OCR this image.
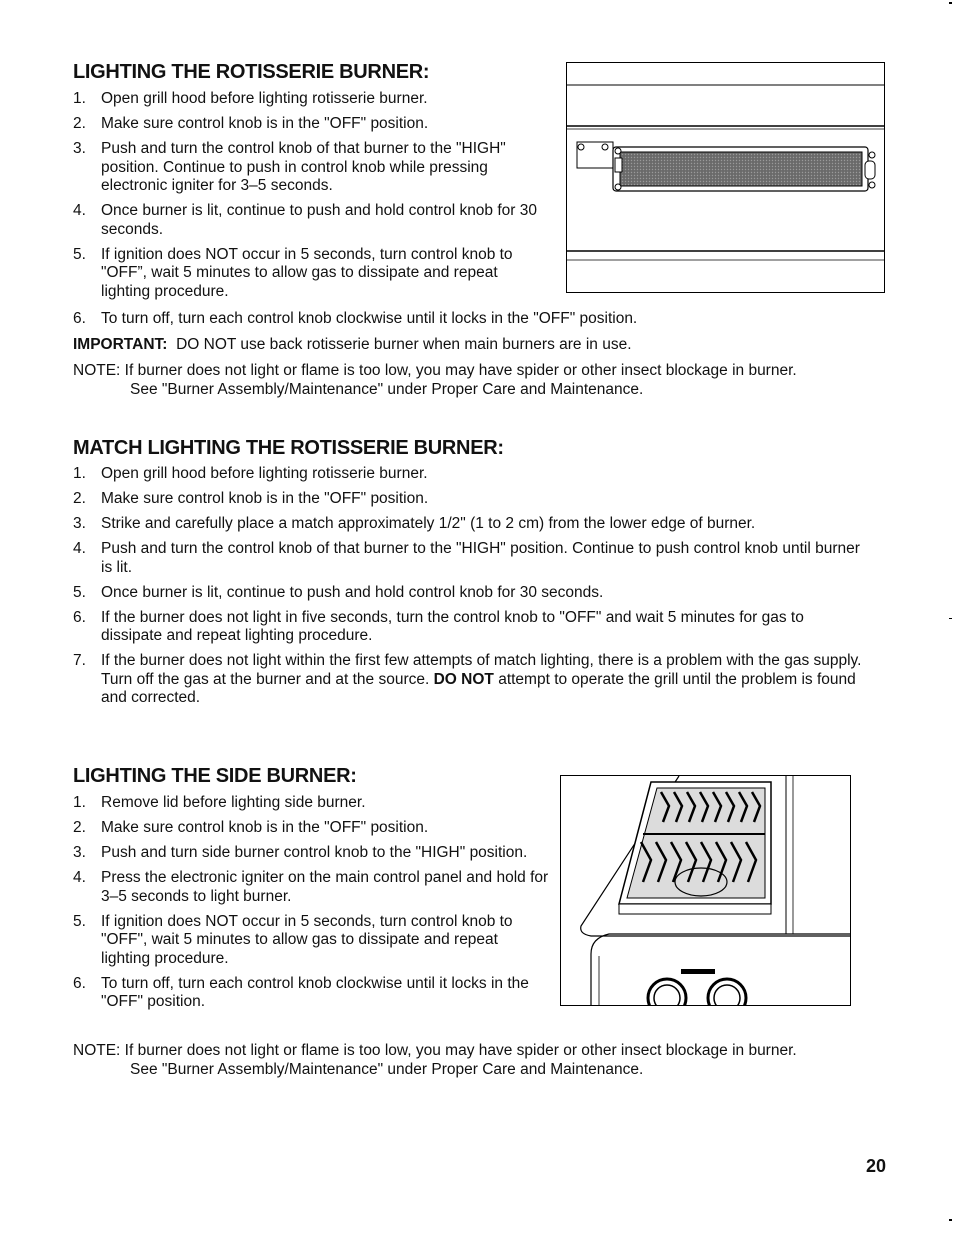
LIGHTING THE ROTISSERIE BURNER:
1. Open grill hood before lighting rotisserie burner.
2. Make sure control knob is in the "OFF" position.
3. Push and turn the control knob of that burner to the "HIGH" position. Continue to push in control knob while pressing electronic igniter for 3–5 seconds.
4. Once burner is lit, continue to push and hold control knob for 30 seconds.
5. If ignition does NOT occur in 5 seconds, turn control knob to "OFF”, wait 5 minutes to allow gas to dissipate and repeat lighting procedure.
6. To turn off, turn each control knob clockwise until it locks in the "OFF" position.

IMPORTANT: DO NOT use back rotisserie burner when main burners are in use.

NOTE: If burner does not light or flame is too low, you may have spider or other insect blockage in burner.
See "Burner Assembly/Maintenance" under Proper Care and Maintenance.

MATCH LIGHTING THE ROTISSERIE BURNER:
1. Open grill hood before lighting rotisserie burner.
2. Make sure control knob is in the "OFF" position.
3. Strike and carefully place a match approximately 1/2" (1 to 2 cm) from the lower edge of burner.
4. Push and turn the control knob of that burner to the "HIGH" position. Continue to push control knob until burner is lit.
5. Once burner is lit, continue to push and hold control knob for 30 seconds.
6. If the burner does not light in five seconds, turn the control knob to "OFF" and wait 5 minutes for gas to dissipate and repeat lighting procedure.
7. If the burner does not light within the first few attempts of match lighting, there is a problem with the gas supply. Turn off the gas at the burner and at the source. DO NOT attempt to operate the grill until the problem is found and corrected.
LIGHTING THE SIDE BURNER:
1. Remove lid before lighting side burner.
2. Make sure control knob is in the "OFF" position.
3. Push and turn side burner control knob to the "HIGH" position.
4. Press the electronic igniter on the main control panel and hold for 3–5 seconds to light burner.
5. If ignition does NOT occur in 5 seconds, turn control knob to "OFF", wait 5 minutes to allow gas to dissipate and repeat lighting procedure.
6. To turn off, turn each control knob clockwise until it locks in the "OFF" position.

NOTE: If burner does not light or flame is too low, you may have spider or other insect blockage in burner.
See "Burner Assembly/Maintenance" under Proper Care and Maintenance.

20
